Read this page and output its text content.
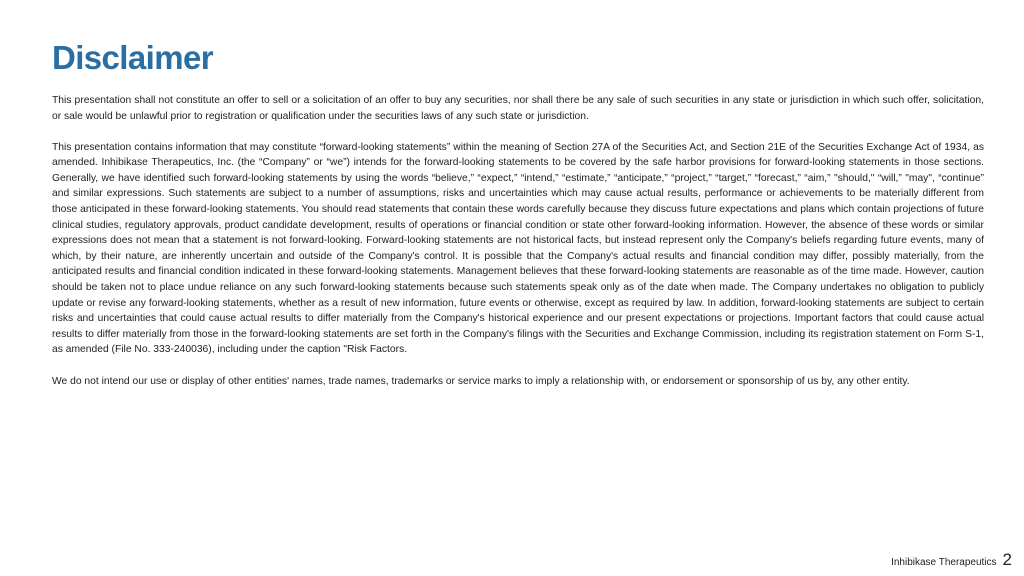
Disclaimer

This presentation shall not constitute an offer to sell or a solicitation of an offer to buy any securities, nor shall there be any sale of such securities in any state or jurisdiction in which such offer, solicitation, or sale would be unlawful prior to registration or qualification under the securities laws of any such state or jurisdiction.

This presentation contains information that may constitute “forward-looking statements” within the meaning of Section 27A of the Securities Act, and Section 21E of the Securities Exchange Act of 1934, as amended. Inhibikase Therapeutics, Inc. (the “Company” or “we”) intends for the forward-looking statements to be covered by the safe harbor provisions for forward-looking statements in those sections. Generally, we have identified such forward-looking statements by using the words “believe,” “expect,” “intend,” “estimate,” “anticipate,” “project,” “target,” “forecast,” “aim,” "should," “will,” "may", “continue” and similar expressions. Such statements are subject to a number of assumptions, risks and uncertainties which may cause actual results, performance or achievements to be materially different from those anticipated in these forward-looking statements. You should read statements that contain these words carefully because they discuss future expectations and plans which contain projections of future clinical studies, regulatory approvals, product candidate development, results of operations or financial condition or state other forward-looking information. However, the absence of these words or similar expressions does not mean that a statement is not forward-looking. Forward-looking statements are not historical facts, but instead represent only the Company's beliefs regarding future events, many of which, by their nature, are inherently uncertain and outside of the Company's control. It is possible that the Company's actual results and financial condition may differ, possibly materially, from the anticipated results and financial condition indicated in these forward-looking statements. Management believes that these forward-looking statements are reasonable as of the time made. However, caution should be taken not to place undue reliance on any such forward-looking statements because such statements speak only as of the date when made. The Company undertakes no obligation to publicly update or revise any forward-looking statements, whether as a result of new information, future events or otherwise, except as required by law. In addition, forward-looking statements are subject to certain risks and uncertainties that could cause actual results to differ materially from the Company's historical experience and our present expectations or projections. Important factors that could cause actual results to differ materially from those in the forward-looking statements are set forth in the Company's filings with the Securities and Exchange Commission, including its registration statement on Form S-1, as amended (File No. 333-240036), including under the caption "Risk Factors.

We do not intend our use or display of other entities' names, trade names, trademarks or service marks to imply a relationship with, or endorsement or sponsorship of us by, any other entity.

Inhibikase Therapeutics 2
